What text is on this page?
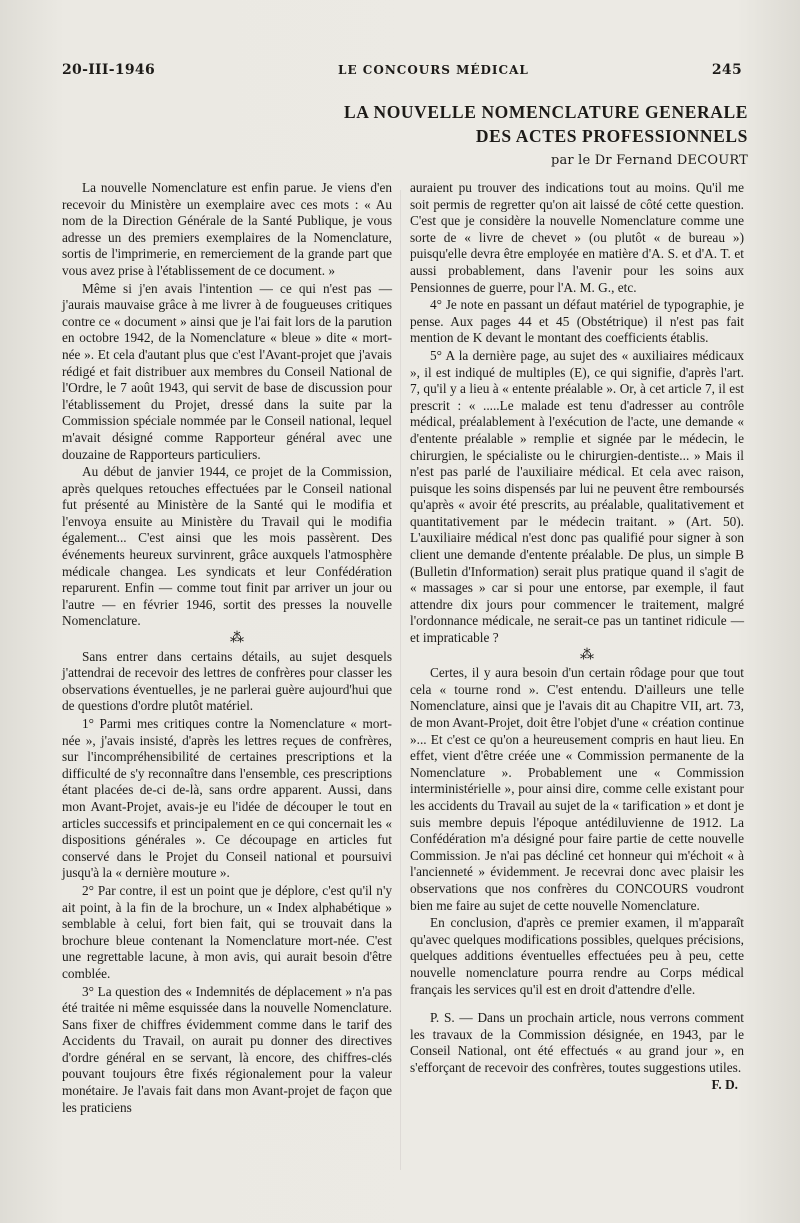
20-III-1946	LE CONCOURS MÉDICAL	245
LA NOUVELLE NOMENCLATURE GENERALE
DES ACTES PROFESSIONNELS
par le Dr Fernand DECOURT

La nouvelle Nomenclature est enfin parue. Je viens d'en recevoir du Ministère un exemplaire avec ces mots : « Au nom de la Direction Générale de la Santé Publique, je vous adresse un des premiers exemplaires de la Nomenclature, sortis de l'imprimerie, en remerciement de la grande part que vous avez prise à l'établissement de ce document. »

Même si j'en avais l'intention — ce qui n'est pas — j'aurais mauvaise grâce à me livrer à de fougueuses critiques contre ce « document » ainsi que je l'ai fait lors de la parution en octobre 1942, de la Nomenclature « bleue » dite « mort-née ». Et cela d'autant plus que c'est l'Avant-projet que j'avais rédigé et fait distribuer aux membres du Conseil National de l'Ordre, le 7 août 1943, qui servit de base de discussion pour l'établissement du Projet, dressé dans la suite par la Commission spéciale nommée par le Conseil national, lequel m'avait désigné comme Rapporteur général avec une douzaine de Rapporteurs particuliers.

Au début de janvier 1944, ce projet de la Commission, après quelques retouches effectuées par le Conseil national fut présenté au Ministère de la Santé qui le modifia et l'envoya ensuite au Ministère du Travail qui le modifia également... C'est ainsi que les mois passèrent. Des événements heureux survinrent, grâce auxquels l'atmosphère médicale changea. Les syndicats et leur Confédération reparurent. Enfin — comme tout finit par arriver un jour ou l'autre — en février 1946, sortit des presses la nouvelle Nomenclature.

⁂

Sans entrer dans certains détails, au sujet desquels j'attendrai de recevoir des lettres de confrères pour classer les observations éventuelles, je ne parlerai guère aujourd'hui que de questions d'ordre plutôt matériel.

1° Parmi mes critiques contre la Nomenclature « mort-née », j'avais insisté, d'après les lettres reçues de confrères, sur l'incompréhensibilité de certaines prescriptions et la difficulté de s'y reconnaître dans l'ensemble, ces prescriptions étant placées de-ci de-là, sans ordre apparent. Aussi, dans mon Avant-Projet, avais-je eu l'idée de découper le tout en articles successifs et principalement en ce qui concernait les « dispositions générales ». Ce découpage en articles fut conservé dans le Projet du Conseil national et poursuivi jusqu'à la « dernière mouture ».

2° Par contre, il est un point que je déplore, c'est qu'il n'y ait point, à la fin de la brochure, un « Index alphabétique » semblable à celui, fort bien fait, qui se trouvait dans la brochure bleue contenant la Nomenclature mort-née. C'est une regrettable lacune, à mon avis, qui aurait besoin d'être comblée.

3° La question des « Indemnités de déplacement » n'a pas été traitée ni même esquissée dans la nouvelle Nomenclature. Sans fixer de chiffres évidemment comme dans le tarif des Accidents du Travail, on aurait pu donner des directives d'ordre général en se servant, là encore, des chiffres-clés pouvant toujours être fixés régionalement pour la valeur monétaire. Je l'avais fait dans mon Avant-projet de façon que les praticiens

auraient pu trouver des indications tout au moins. Qu'il me soit permis de regretter qu'on ait laissé de côté cette question. C'est que je considère la nouvelle Nomenclature comme une sorte de « livre de chevet » (ou plutôt « de bureau ») puisqu'elle devra être employée en matière d'A. S. et d'A. T. et aussi probablement, dans l'avenir pour les soins aux Pensionnes de guerre, pour l'A. M. G., etc.

4° Je note en passant un défaut matériel de typographie, je pense. Aux pages 44 et 45 (Obstétrique) il n'est pas fait mention de K devant le montant des coefficients établis.

5° A la dernière page, au sujet des « auxiliaires médicaux », il est indiqué de multiples (E), ce qui signifie, d'après l'art. 7, qu'il y a lieu à « entente préalable ». Or, à cet article 7, il est prescrit : « .....Le malade est tenu d'adresser au contrôle médical, préalablement à l'exécution de l'acte, une demande « d'entente préalable » remplie et signée par le médecin, le chirurgien, le spécialiste ou le chirurgien-dentiste... » Mais il n'est pas parlé de l'auxiliaire médical. Et cela avec raison, puisque les soins dispensés par lui ne peuvent être remboursés qu'après « avoir été prescrits, au préalable, qualitativement et quantitativement par le médecin traitant. » (Art. 50). L'auxiliaire médical n'est donc pas qualifié pour signer à son client une demande d'entente préalable. De plus, un simple B (Bulletin d'Information) serait plus pratique quand il s'agit de « massages » car si pour une entorse, par exemple, il faut attendre dix jours pour commencer le traitement, malgré l'ordonnance médicale, ne serait-ce pas un tantinet ridicule — et impraticable ?

⁂

Certes, il y aura besoin d'un certain rôdage pour que tout cela « tourne rond ». C'est entendu. D'ailleurs une telle Nomenclature, ainsi que je l'avais dit au Chapitre VII, art. 73, de mon Avant-Projet, doit être l'objet d'une « création continue »... Et c'est ce qu'on a heureusement compris en haut lieu. En effet, vient d'être créée une « Commission permanente de la Nomenclature ». Probablement une « Commission interministérielle », pour ainsi dire, comme celle existant pour les accidents du Travail au sujet de la « tarification » et dont je suis membre depuis l'époque antédiluvienne de 1912. La Confédération m'a désigné pour faire partie de cette nouvelle Commission. Je n'ai pas décliné cet honneur qui m'échoit « à l'ancienneté » évidemment. Je recevrai donc avec plaisir les observations que nos confrères du CONCOURS voudront bien me faire au sujet de cette nouvelle Nomenclature.

En conclusion, d'après ce premier examen, il m'apparaît qu'avec quelques modifications possibles, quelques précisions, quelques additions éventuelles effectuées peu à peu, cette nouvelle nomenclature pourra rendre au Corps médical français les services qu'il est en droit d'attendre d'elle.

P. S. — Dans un prochain article, nous verrons comment les travaux de la Commission désignée, en 1943, par le Conseil National, ont été effectués « au grand jour », en s'efforçant de recevoir des confrères, toutes suggestions utiles.

F. D.
